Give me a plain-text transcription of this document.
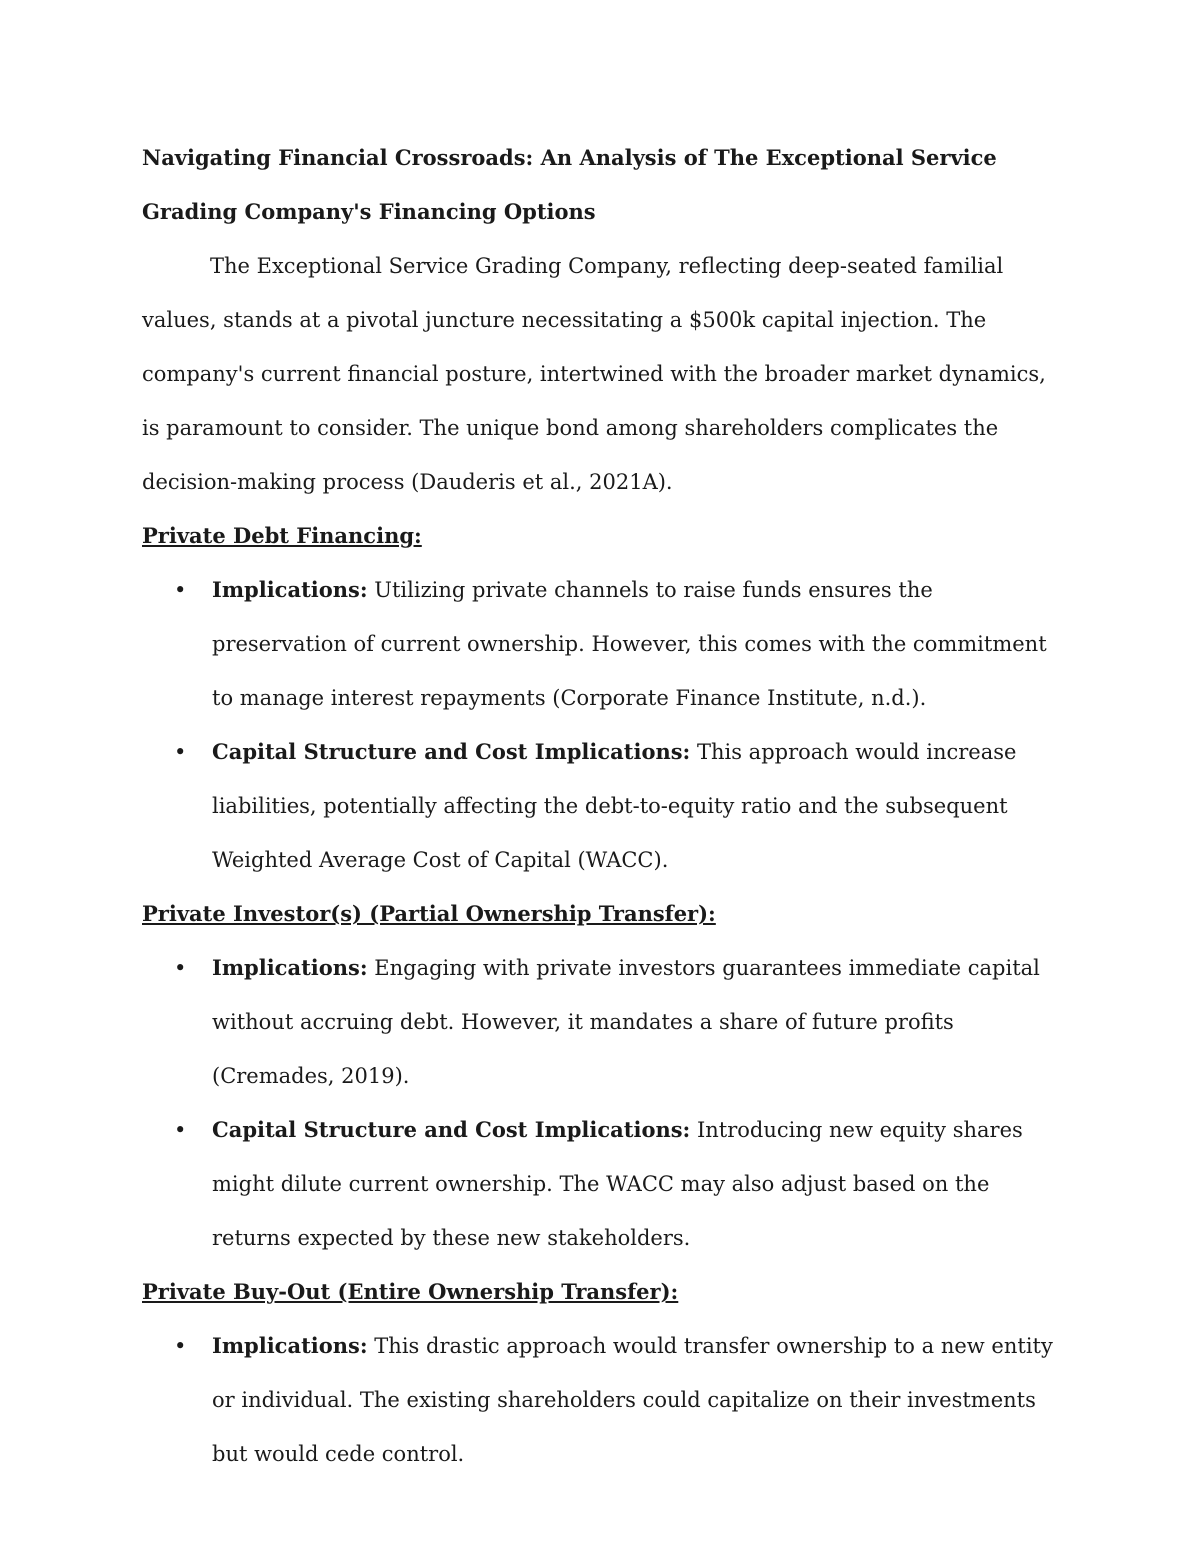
Navigating Financial Crossroads: An Analysis of The Exceptional Service Grading Company's Financing Options

The Exceptional Service Grading Company, reflecting deep-seated familial values, stands at a pivotal juncture necessitating a $500k capital injection. The company's current financial posture, intertwined with the broader market dynamics, is paramount to consider. The unique bond among shareholders complicates the decision-making process (Dauderis et al., 2021A).

Private Debt Financing:

• Implications: Utilizing private channels to raise funds ensures the preservation of current ownership. However, this comes with the commitment to manage interest repayments (Corporate Finance Institute, n.d.).
• Capital Structure and Cost Implications: This approach would increase liabilities, potentially affecting the debt-to-equity ratio and the subsequent Weighted Average Cost of Capital (WACC).

Private Investor(s) (Partial Ownership Transfer):

• Implications: Engaging with private investors guarantees immediate capital without accruing debt. However, it mandates a share of future profits (Cremades, 2019).
• Capital Structure and Cost Implications: Introducing new equity shares might dilute current ownership. The WACC may also adjust based on the returns expected by these new stakeholders.

Private Buy-Out (Entire Ownership Transfer):

• Implications: This drastic approach would transfer ownership to a new entity or individual. The existing shareholders could capitalize on their investments but would cede control.
